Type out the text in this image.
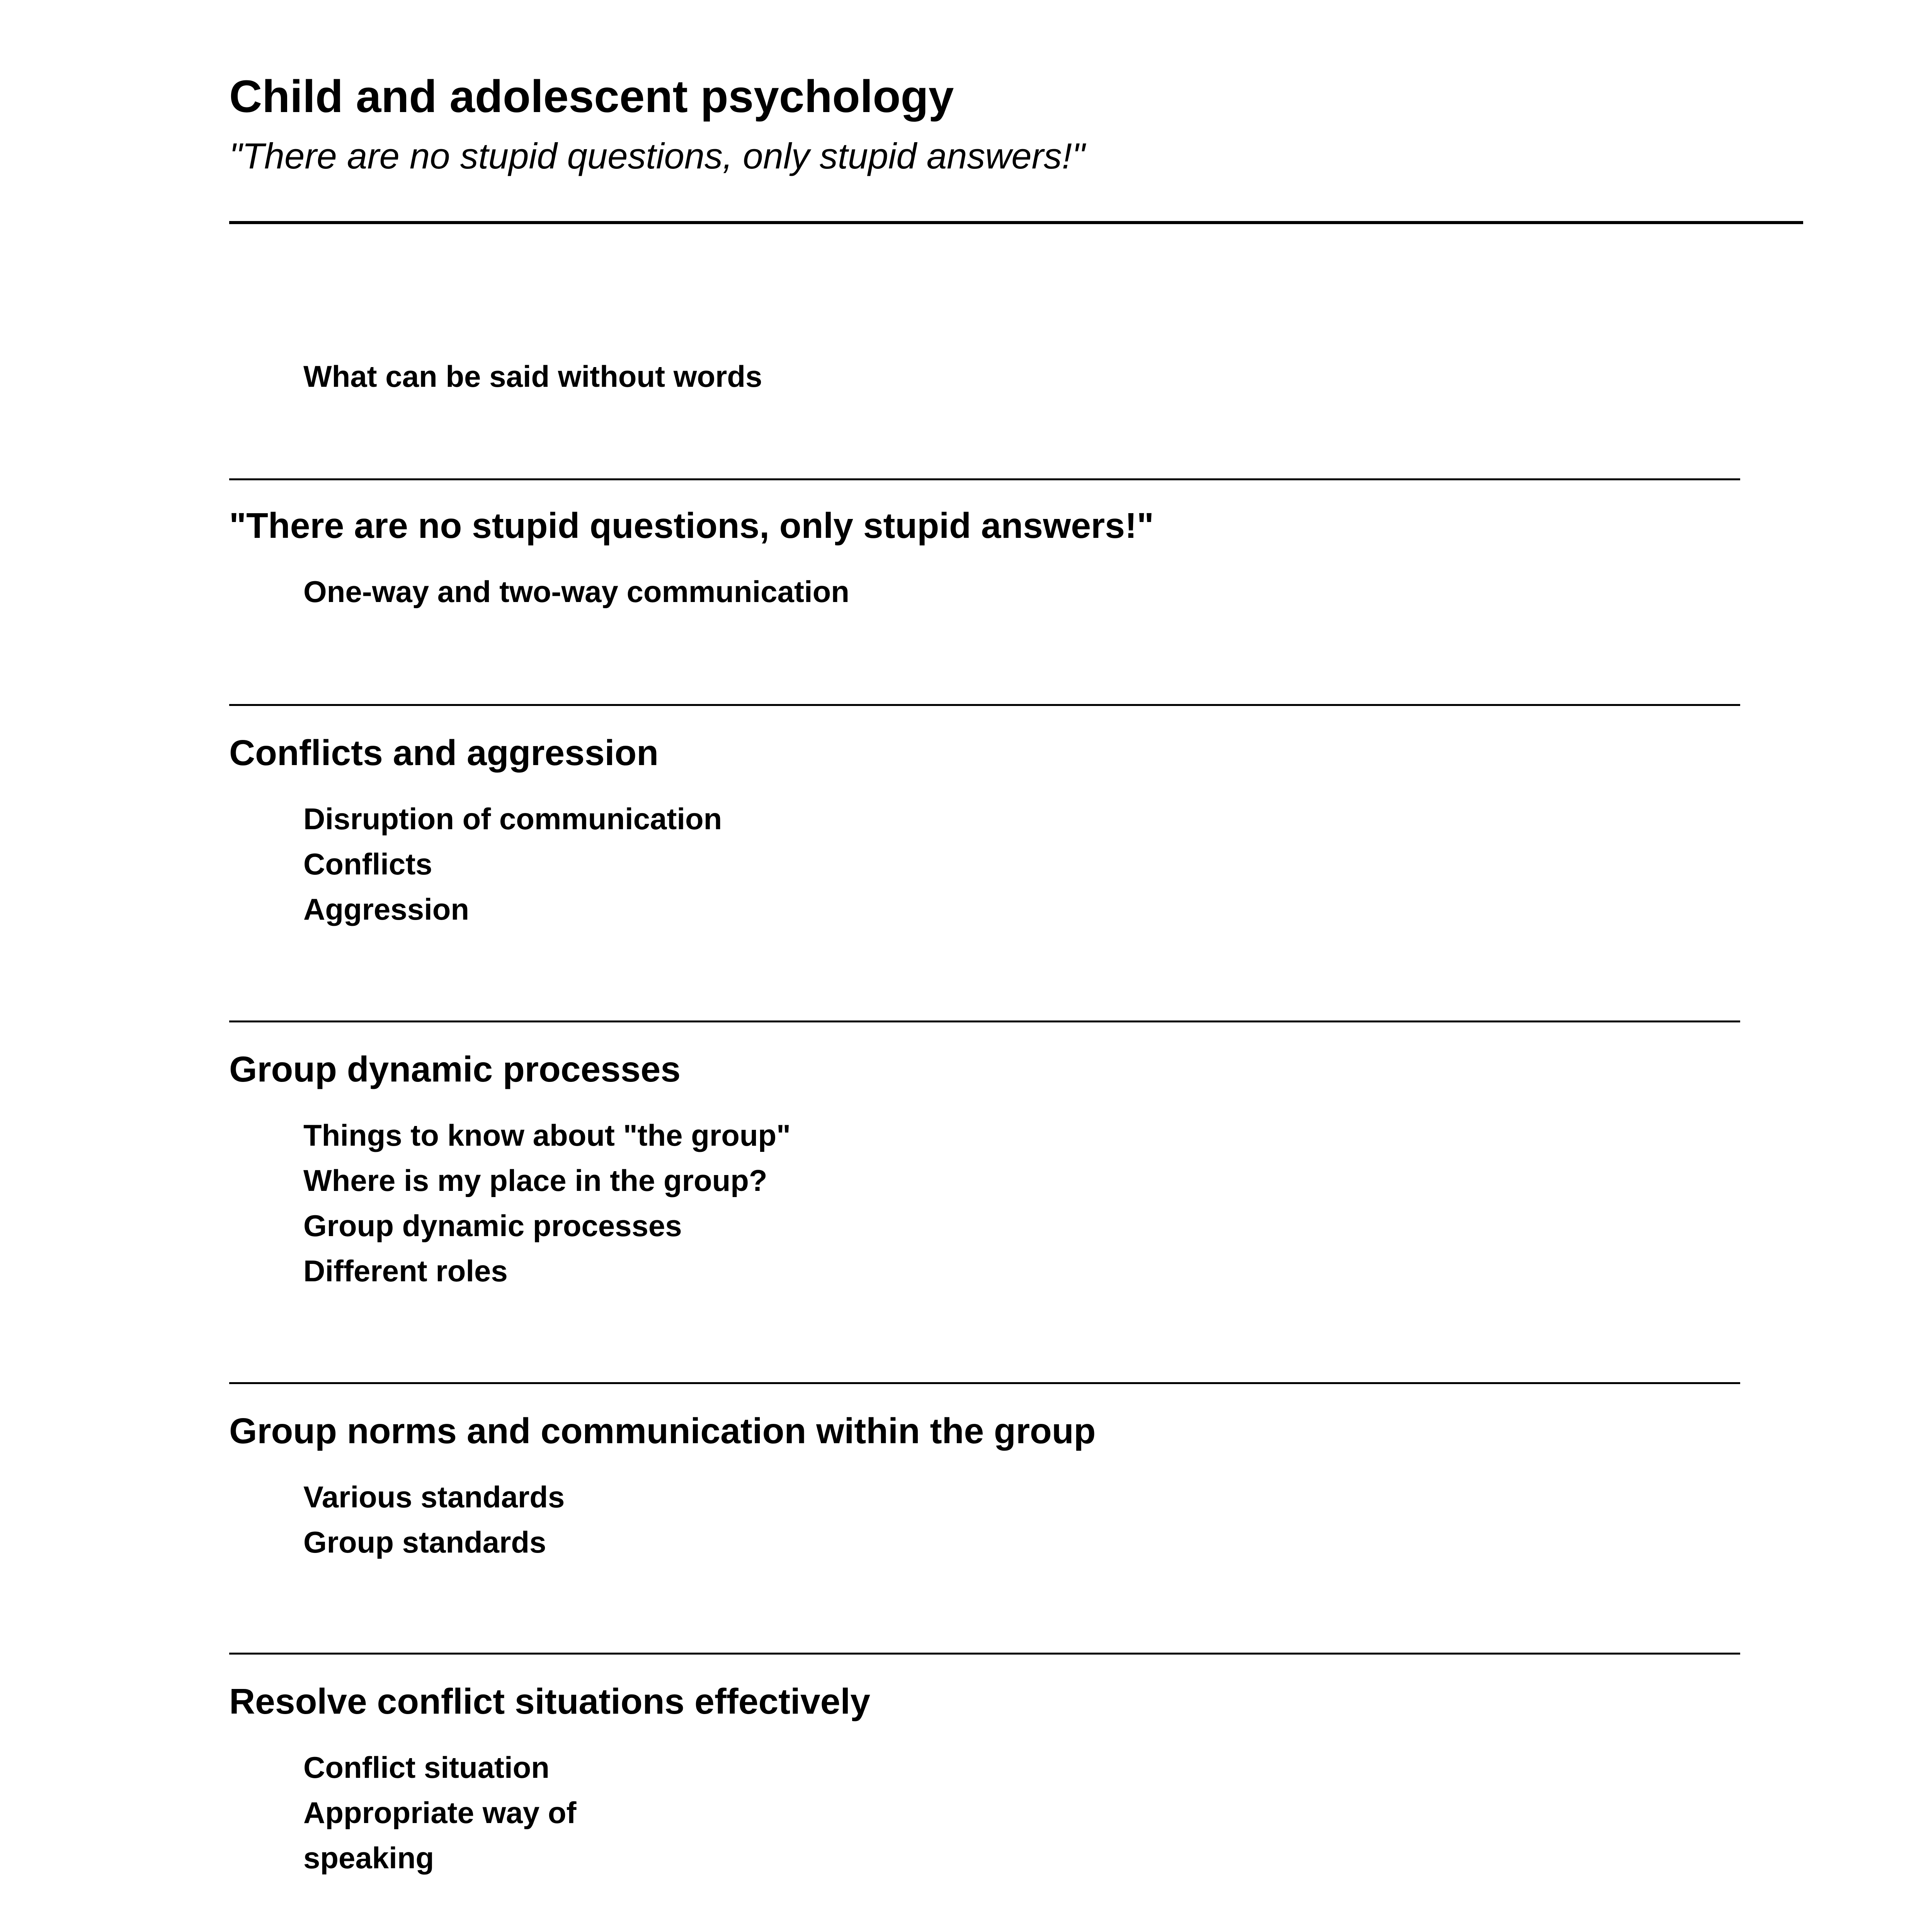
Child and adolescent psychology
"There are no stupid questions, only stupid answers!"
What can be said without words
"There are no stupid questions, only stupid answers!"
One-way and two-way communication
Conflicts and aggression
Disruption of communication
Conflicts
Aggression
Group dynamic processes
Things to know about "the group"
Where is my place in the group?
Group dynamic processes
Different roles
Group norms and communication within the group
Various standards
Group standards
Resolve conflict situations effectively
Conflict situation
Appropriate way of
speaking
